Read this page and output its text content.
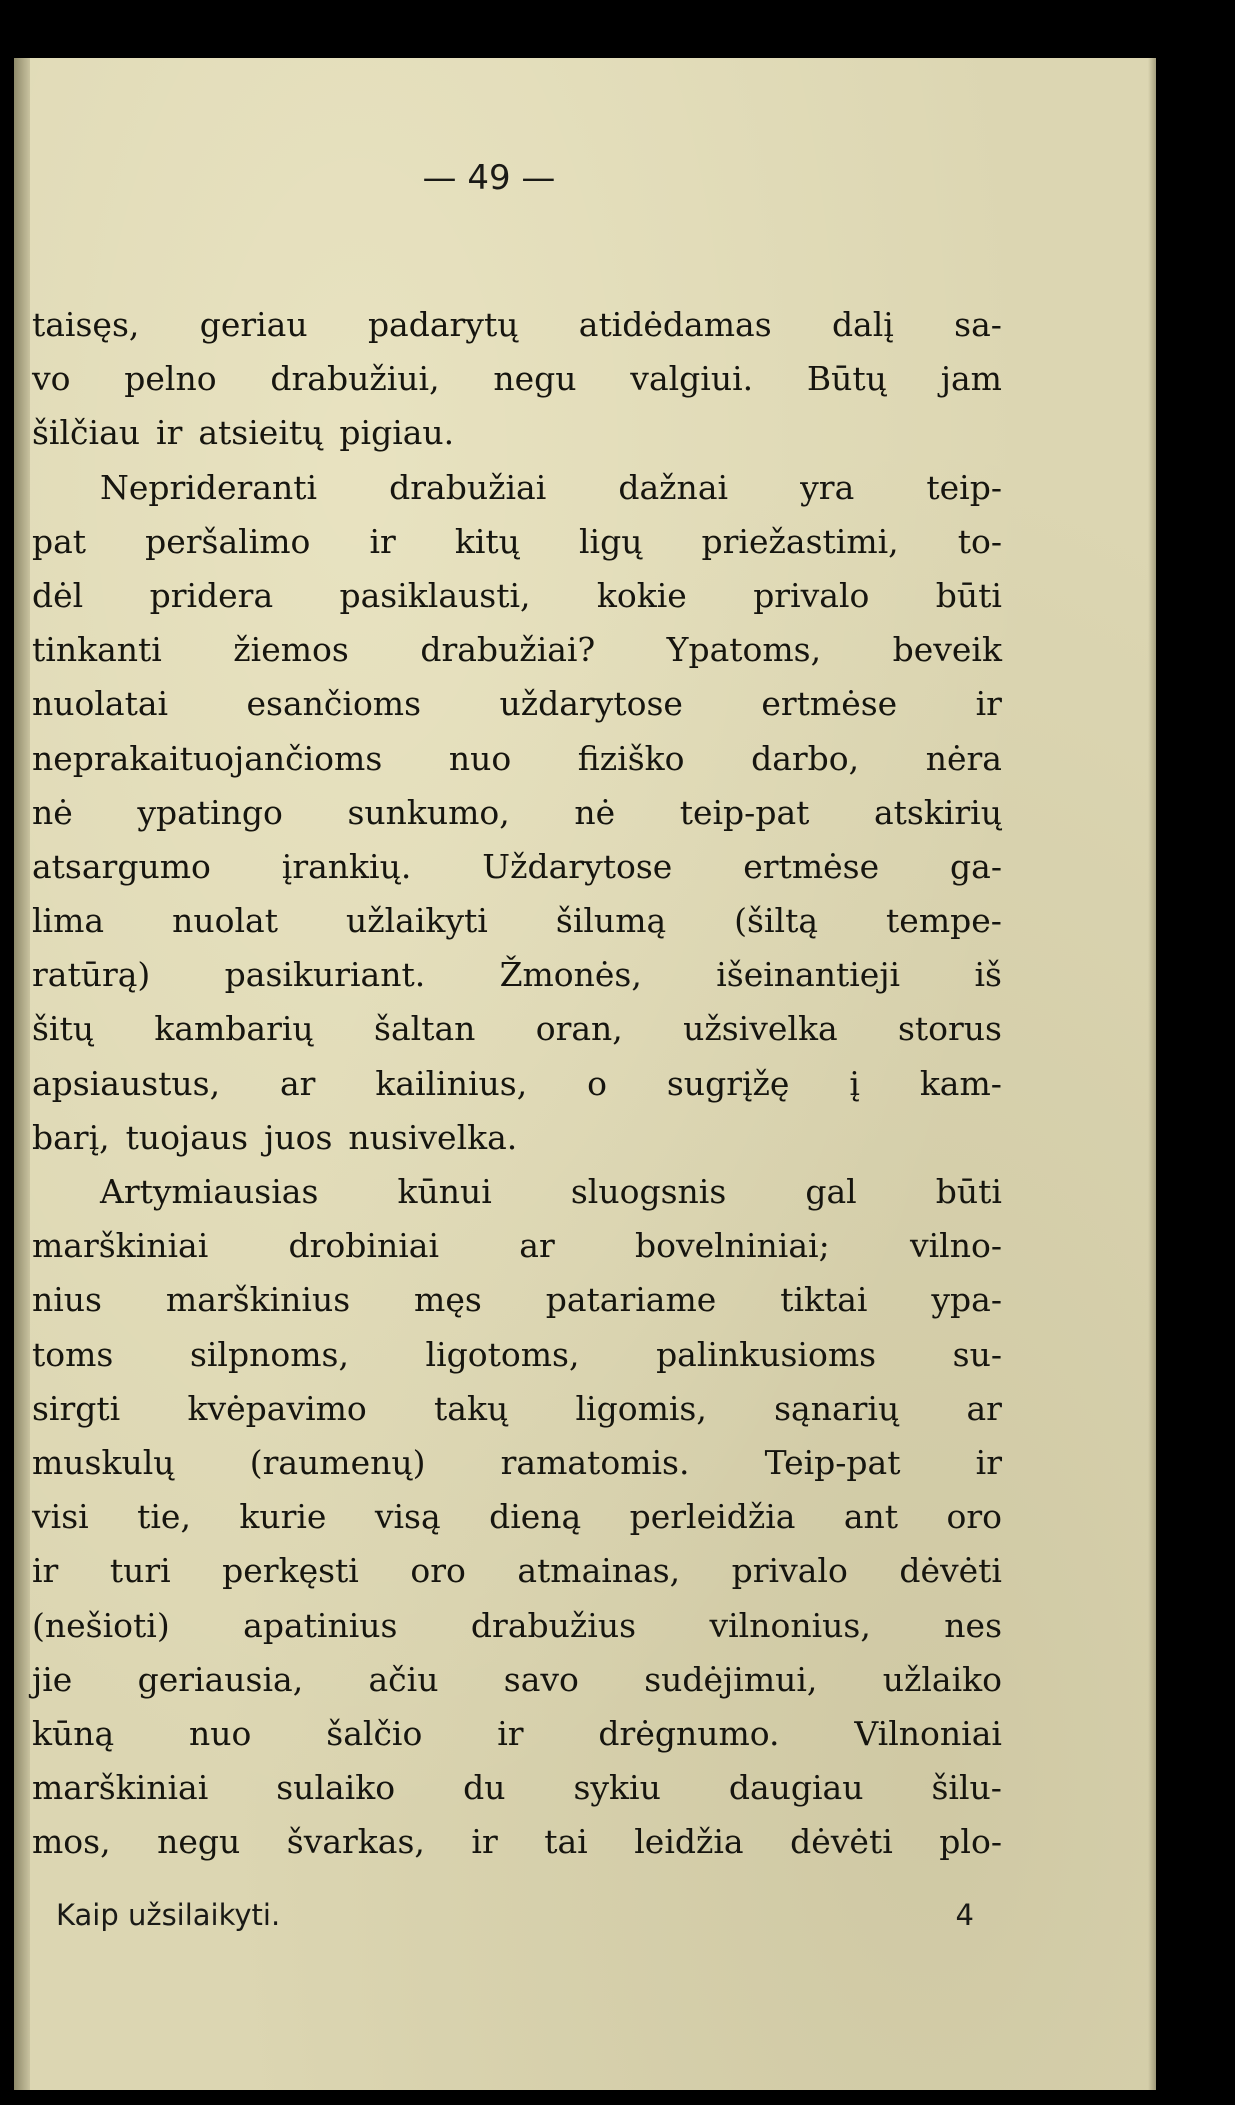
— 49 —
taisęs, geriau padarytų atidėdamas dalį sa-
vo pelno drabužiui, negu valgiui. Būtų jam
šilčiau ir atsieitų pigiau.
Neprideranti drabužiai dažnai yra teip-
pat peršalimo ir kitų ligų priežastimi, to-
dėl pridera pasiklausti, kokie privalo būti
tinkanti žiemos drabužiai? Ypatoms, beveik
nuolatai esančioms uždarytose ertmėse ir
neprakaituojančioms nuo fiziško darbo, nėra
nė ypatingo sunkumo, nė teip-pat atskirių
atsargumo įrankių. Uždarytose ertmėse ga-
lima nuolat užlaikyti šilumą (šiltą tempe-
ratūrą) pasikuriant. Žmonės, išeinantieji iš
šitų kambarių šaltan oran, užsivelka storus
apsiaustus, ar kailinius, o sugrįžę į kam-
barį, tuojaus juos nusivelka.
Artymiausias kūnui sluogsnis gal būti
marškiniai drobiniai ar bovelniniai; vilno-
nius marškinius męs patariame tiktai ypa-
toms silpnoms, ligotoms, palinkusioms su-
sirgti kvėpavimo takų ligomis, sąnarių ar
muskulų (raumenų) ramatomis. Teip-pat ir
visi tie, kurie visą dieną perleidžia ant oro
ir turi perkęsti oro atmainas, privalo dėvėti
(nešioti) apatinius drabužius vilnonius, nes
jie geriausia, ačiu savo sudėjimui, užlaiko
kūną nuo šalčio ir drėgnumo. Vilnoniai
marškiniai sulaiko du sykiu daugiau šilu-
mos, negu švarkas, ir tai leidžia dėvėti plo-
Kaip užsilaikyti.	4
